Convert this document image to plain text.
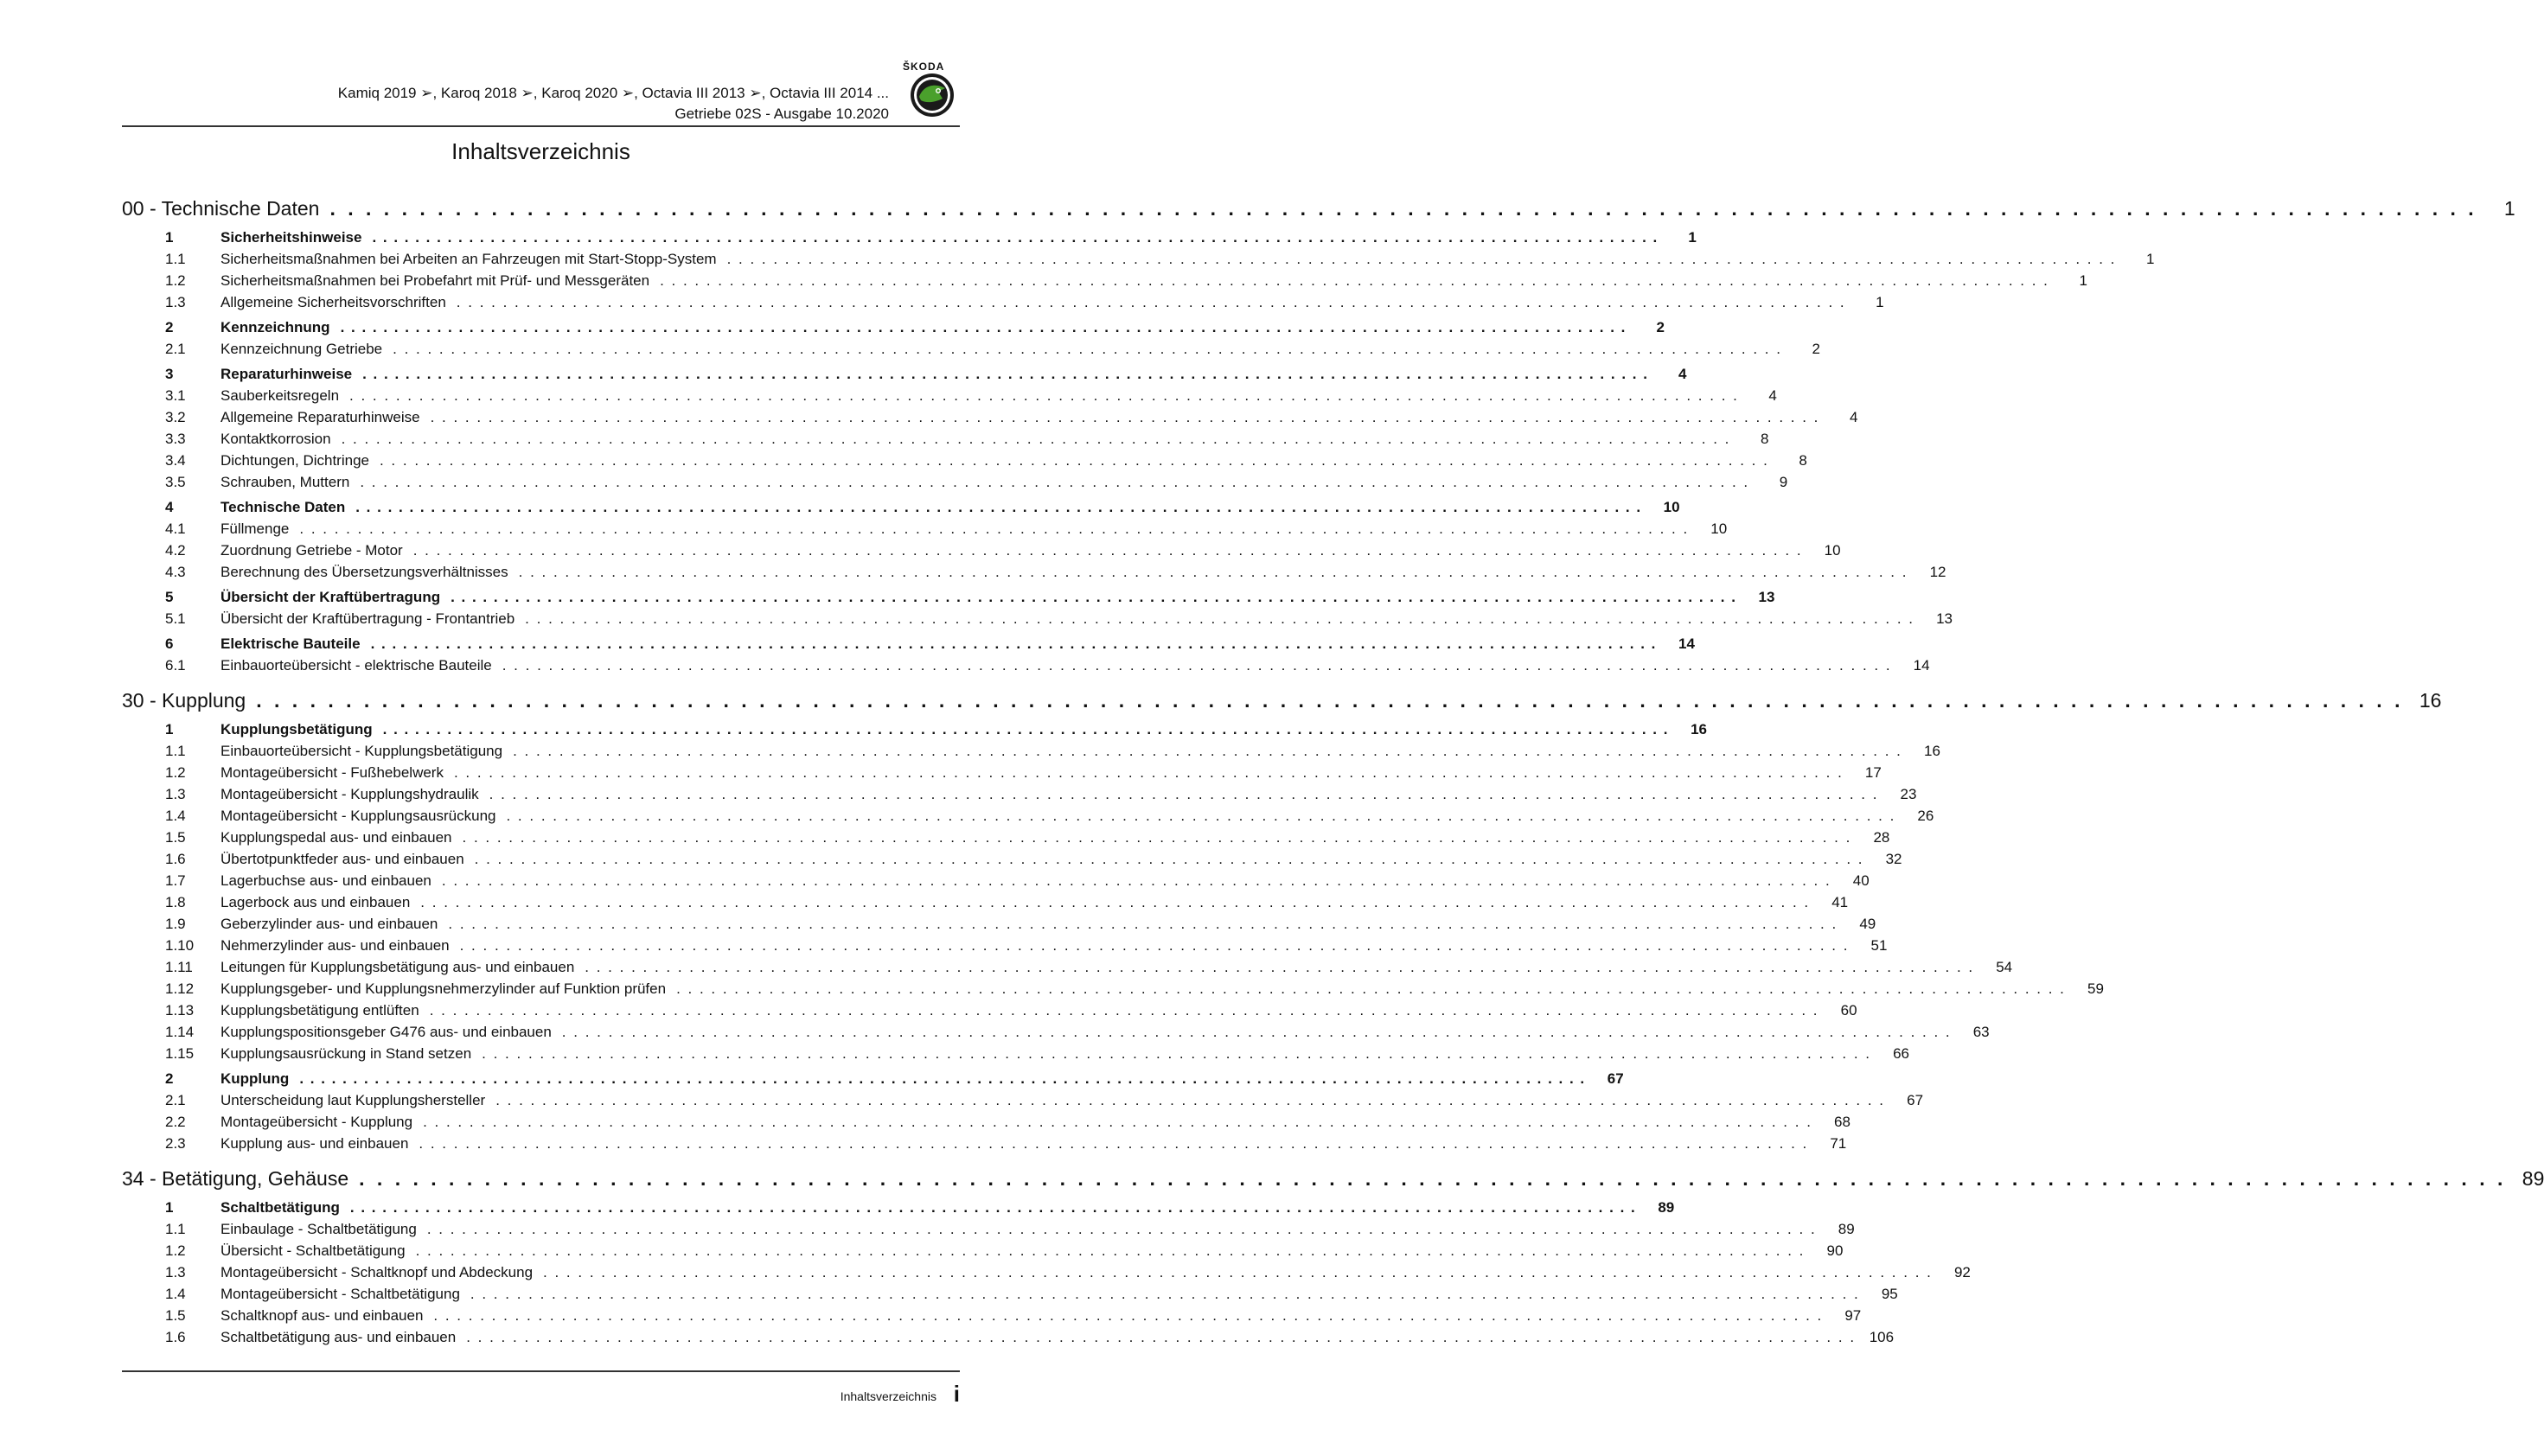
Kamiq 2019 ➢, Karoq 2018 ➢, Karoq 2020 ➢, Octavia III 2013 ➢, Octavia III 2014 ...
Getriebe 02S - Ausgabe 10.2020
ŠKODA
Inhaltsverzeichnis
00 - Technische Daten . . . . . . . . . . . . . . . . . . . . . . . . . . . . . . . . . . . . . . . . . . . . . . . . . . . . . . . . . . . . . . . . . . . . . . . . . . . . . . . . . . . . . . . . . . . . . . . . . . . . . . . . . . . . . . . . . . . . . . . .	1
1	Sicherheitshinweise . . . . . . . . . . . . . . . . . . . . . . . . . . . . . . . . . . . . . . . . . . . . . . . . . . . . . . . . . . . . . . . . . . . . . . . . . . . . . . . . . . . . . . . . . . . . . . . . . . . . . . . . . . . . . . . . . . . . . . . .	1
1.1	Sicherheitsmaßnahmen bei Arbeiten an Fahrzeugen mit Start-Stopp-System . . . . . . . . . . . . . . . . . . . . . . . . . . . . . . . . . . . . . . . . . . . . . . . . . . . . . . . . . . . . . . . . . . . . . . . . . . . . . . . . . . . . . . . . . . . . . . . . . . . . . . . . . . . . . . . . . . . . . . . .	1
1.2	Sicherheitsmaßnahmen bei Probefahrt mit Prüf- und Messgeräten . . . . . . . . . . . . . . . . . . . . . . . . . . . . . . . . . . . . . . . . . . . . . . . . . . . . . . . . . . . . . . . . . . . . . . . . . . . . . . . . . . . . . . . . . . . . . . . . . . . . . . . . . . . . . . . . . . . . . . . .	1
1.3	Allgemeine Sicherheitsvorschriften . . . . . . . . . . . . . . . . . . . . . . . . . . . . . . . . . . . . . . . . . . . . . . . . . . . . . . . . . . . . . . . . . . . . . . . . . . . . . . . . . . . . . . . . . . . . . . . . . . . . . . . . . . . . . . . . . . . . . . . .	1
2	Kennzeichnung . . . . . . . . . . . . . . . . . . . . . . . . . . . . . . . . . . . . . . . . . . . . . . . . . . . . . . . . . . . . . . . . . . . . . . . . . . . . . . . . . . . . . . . . . . . . . . . . . . . . . . . . . . . . . . . . . . . . . . . .	2
2.1	Kennzeichnung Getriebe . . . . . . . . . . . . . . . . . . . . . . . . . . . . . . . . . . . . . . . . . . . . . . . . . . . . . . . . . . . . . . . . . . . . . . . . . . . . . . . . . . . . . . . . . . . . . . . . . . . . . . . . . . . . . . . . . . . . . . . .	2
3	Reparaturhinweise . . . . . . . . . . . . . . . . . . . . . . . . . . . . . . . . . . . . . . . . . . . . . . . . . . . . . . . . . . . . . . . . . . . . . . . . . . . . . . . . . . . . . . . . . . . . . . . . . . . . . . . . . . . . . . . . . . . . . . . .	4
3.1	Sauberkeitsregeln . . . . . . . . . . . . . . . . . . . . . . . . . . . . . . . . . . . . . . . . . . . . . . . . . . . . . . . . . . . . . . . . . . . . . . . . . . . . . . . . . . . . . . . . . . . . . . . . . . . . . . . . . . . . . . . . . . . . . . . .	4
3.2	Allgemeine Reparaturhinweise . . . . . . . . . . . . . . . . . . . . . . . . . . . . . . . . . . . . . . . . . . . . . . . . . . . . . . . . . . . . . . . . . . . . . . . . . . . . . . . . . . . . . . . . . . . . . . . . . . . . . . . . . . . . . . . . . . . . . . . .	4
3.3	Kontaktkorrosion . . . . . . . . . . . . . . . . . . . . . . . . . . . . . . . . . . . . . . . . . . . . . . . . . . . . . . . . . . . . . . . . . . . . . . . . . . . . . . . . . . . . . . . . . . . . . . . . . . . . . . . . . . . . . . . . . . . . . . . .	8
3.4	Dichtungen, Dichtringe . . . . . . . . . . . . . . . . . . . . . . . . . . . . . . . . . . . . . . . . . . . . . . . . . . . . . . . . . . . . . . . . . . . . . . . . . . . . . . . . . . . . . . . . . . . . . . . . . . . . . . . . . . . . . . . . . . . . . . . .	8
3.5	Schrauben, Muttern . . . . . . . . . . . . . . . . . . . . . . . . . . . . . . . . . . . . . . . . . . . . . . . . . . . . . . . . . . . . . . . . . . . . . . . . . . . . . . . . . . . . . . . . . . . . . . . . . . . . . . . . . . . . . . . . . . . . . . . .	9
4	Technische Daten . . . . . . . . . . . . . . . . . . . . . . . . . . . . . . . . . . . . . . . . . . . . . . . . . . . . . . . . . . . . . . . . . . . . . . . . . . . . . . . . . . . . . . . . . . . . . . . . . . . . . . . . . . . . . . . . . . . . . . . .	10
4.1	Füllmenge . . . . . . . . . . . . . . . . . . . . . . . . . . . . . . . . . . . . . . . . . . . . . . . . . . . . . . . . . . . . . . . . . . . . . . . . . . . . . . . . . . . . . . . . . . . . . . . . . . . . . . . . . . . . . . . . . . . . . . . .	10
4.2	Zuordnung Getriebe - Motor . . . . . . . . . . . . . . . . . . . . . . . . . . . . . . . . . . . . . . . . . . . . . . . . . . . . . . . . . . . . . . . . . . . . . . . . . . . . . . . . . . . . . . . . . . . . . . . . . . . . . . . . . . . . . . . . . . . . . . . .	10
4.3	Berechnung des Übersetzungsverhältnisses . . . . . . . . . . . . . . . . . . . . . . . . . . . . . . . . . . . . . . . . . . . . . . . . . . . . . . . . . . . . . . . . . . . . . . . . . . . . . . . . . . . . . . . . . . . . . . . . . . . . . . . . . . . . . . . . . . . . . . . .	12
5	Übersicht der Kraftübertragung . . . . . . . . . . . . . . . . . . . . . . . . . . . . . . . . . . . . . . . . . . . . . . . . . . . . . . . . . . . . . . . . . . . . . . . . . . . . . . . . . . . . . . . . . . . . . . . . . . . . . . . . . . . . . . . . . . . . . . . .	13
5.1	Übersicht der Kraftübertragung - Frontantrieb . . . . . . . . . . . . . . . . . . . . . . . . . . . . . . . . . . . . . . . . . . . . . . . . . . . . . . . . . . . . . . . . . . . . . . . . . . . . . . . . . . . . . . . . . . . . . . . . . . . . . . . . . . . . . . . . . . . . . . . .	13
6	Elektrische Bauteile . . . . . . . . . . . . . . . . . . . . . . . . . . . . . . . . . . . . . . . . . . . . . . . . . . . . . . . . . . . . . . . . . . . . . . . . . . . . . . . . . . . . . . . . . . . . . . . . . . . . . . . . . . . . . . . . . . . . . . . .	14
6.1	Einbauorteübersicht - elektrische Bauteile . . . . . . . . . . . . . . . . . . . . . . . . . . . . . . . . . . . . . . . . . . . . . . . . . . . . . . . . . . . . . . . . . . . . . . . . . . . . . . . . . . . . . . . . . . . . . . . . . . . . . . . . . . . . . . . . . . . . . . . .	14
30 - Kupplung . . . . . . . . . . . . . . . . . . . . . . . . . . . . . . . . . . . . . . . . . . . . . . . . . . . . . . . . . . . . . . . . . . . . . . . . . . . . . . . . . . . . . . . . . . . . . . . . . . . . . . . . . . . . . . . . . . . . . . . . 16
1	Kupplungsbetätigung . . . . . . . . . . . . . . . . . . . . . . . . . . . . . . . . . . . . . . . . . . . . . . . . . . . . . . . . . . . . . . . . . . . . . . . . . . . . . . . . . . . . . . . . . . . . . . . . . . . . . . . . . . . . . . . . . . . . . . . .	16
1.1	Einbauorteübersicht - Kupplungsbetätigung . . . . . . . . . . . . . . . . . . . . . . . . . . . . . . . . . . . . . . . . . . . . . . . . . . . . . . . . . . . . . . . . . . . . . . . . . . . . . . . . . . . . . . . . . . . . . . . . . . . . . . . . . . . . . . . . . . . . . . . .	16
1.2	Montageübersicht - Fußhebelwerk . . . . . . . . . . . . . . . . . . . . . . . . . . . . . . . . . . . . . . . . . . . . . . . . . . . . . . . . . . . . . . . . . . . . . . . . . . . . . . . . . . . . . . . . . . . . . . . . . . . . . . . . . . . . . . . . . . . . . . . .	17
1.3	Montageübersicht - Kupplungshydraulik . . . . . . . . . . . . . . . . . . . . . . . . . . . . . . . . . . . . . . . . . . . . . . . . . . . . . . . . . . . . . . . . . . . . . . . . . . . . . . . . . . . . . . . . . . . . . . . . . . . . . . . . . . . . . . . . . . . . . . . .	23
1.4	Montageübersicht - Kupplungsausrückung . . . . . . . . . . . . . . . . . . . . . . . . . . . . . . . . . . . . . . . . . . . . . . . . . . . . . . . . . . . . . . . . . . . . . . . . . . . . . . . . . . . . . . . . . . . . . . . . . . . . . . . . . . . . . . . . . . . . . . . .	26
1.5	Kupplungspedal aus- und einbauen . . . . . . . . . . . . . . . . . . . . . . . . . . . . . . . . . . . . . . . . . . . . . . . . . . . . . . . . . . . . . . . . . . . . . . . . . . . . . . . . . . . . . . . . . . . . . . . . . . . . . . . . . . . . . . . . . . . . . . . .	28
1.6	Übertotpunktfeder aus- und einbauen . . . . . . . . . . . . . . . . . . . . . . . . . . . . . . . . . . . . . . . . . . . . . . . . . . . . . . . . . . . . . . . . . . . . . . . . . . . . . . . . . . . . . . . . . . . . . . . . . . . . . . . . . . . . . . . . . . . . . . . .	32
1.7	Lagerbuchse aus- und einbauen . . . . . . . . . . . . . . . . . . . . . . . . . . . . . . . . . . . . . . . . . . . . . . . . . . . . . . . . . . . . . . . . . . . . . . . . . . . . . . . . . . . . . . . . . . . . . . . . . . . . . . . . . . . . . . . . . . . . . . . .	40
1.8	Lagerbock aus und einbauen . . . . . . . . . . . . . . . . . . . . . . . . . . . . . . . . . . . . . . . . . . . . . . . . . . . . . . . . . . . . . . . . . . . . . . . . . . . . . . . . . . . . . . . . . . . . . . . . . . . . . . . . . . . . . . . . . . . . . . . .	41
1.9	Geberzylinder aus- und einbauen . . . . . . . . . . . . . . . . . . . . . . . . . . . . . . . . . . . . . . . . . . . . . . . . . . . . . . . . . . . . . . . . . . . . . . . . . . . . . . . . . . . . . . . . . . . . . . . . . . . . . . . . . . . . . . . . . . . . . . . .	49
1.10	Nehmerzylinder aus- und einbauen . . . . . . . . . . . . . . . . . . . . . . . . . . . . . . . . . . . . . . . . . . . . . . . . . . . . . . . . . . . . . . . . . . . . . . . . . . . . . . . . . . . . . . . . . . . . . . . . . . . . . . . . . . . . . . . . . . . . . . . .	51
1.11	Leitungen für Kupplungsbetätigung aus- und einbauen . . . . . . . . . . . . . . . . . . . . . . . . . . . . . . . . . . . . . . . . . . . . . . . . . . . . . . . . . . . . . . . . . . . . . . . . . . . . . . . . . . . . . . . . . . . . . . . . . . . . . . . . . . . . . . . . . . . . . . . .	54
1.12	Kupplungsgeber- und Kupplungsnehmerzylinder auf Funktion prüfen . . . . . . . . . . . . . . . . . . . . . . . . . . . . . . . . . . . . . . . . . . . . . . . . . . . . . . . . . . . . . . . . . . . . . . . . . . . . . . . . . . . . . . . . . . . . . . . . . . . . . . . . . . . . . . . . . . . . . . . .	59
1.13	Kupplungsbetätigung entlüften . . . . . . . . . . . . . . . . . . . . . . . . . . . . . . . . . . . . . . . . . . . . . . . . . . . . . . . . . . . . . . . . . . . . . . . . . . . . . . . . . . . . . . . . . . . . . . . . . . . . . . . . . . . . . . . . . . . . . . . .	60
1.14	Kupplungspositionsgeber G476 aus- und einbauen . . . . . . . . . . . . . . . . . . . . . . . . . . . . . . . . . . . . . . . . . . . . . . . . . . . . . . . . . . . . . . . . . . . . . . . . . . . . . . . . . . . . . . . . . . . . . . . . . . . . . . . . . . . . . . . . . . . . . . . .	63
1.15	Kupplungsausrückung in Stand setzen . . . . . . . . . . . . . . . . . . . . . . . . . . . . . . . . . . . . . . . . . . . . . . . . . . . . . . . . . . . . . . . . . . . . . . . . . . . . . . . . . . . . . . . . . . . . . . . . . . . . . . . . . . . . . . . . . . . . . . . .	66
2	Kupplung . . . . . . . . . . . . . . . . . . . . . . . . . . . . . . . . . . . . . . . . . . . . . . . . . . . . . . . . . . . . . . . . . . . . . . . . . . . . . . . . . . . . . . . . . . . . . . . . . . . . . . . . . . . . . . . . . . . . . . . .	67
2.1	Unterscheidung laut Kupplungshersteller . . . . . . . . . . . . . . . . . . . . . . . . . . . . . . . . . . . . . . . . . . . . . . . . . . . . . . . . . . . . . . . . . . . . . . . . . . . . . . . . . . . . . . . . . . . . . . . . . . . . . . . . . . . . . . . . . . . . . . . .	67
2.2	Montageübersicht - Kupplung . . . . . . . . . . . . . . . . . . . . . . . . . . . . . . . . . . . . . . . . . . . . . . . . . . . . . . . . . . . . . . . . . . . . . . . . . . . . . . . . . . . . . . . . . . . . . . . . . . . . . . . . . . . . . . . . . . . . . . . .	68
2.3	Kupplung aus- und einbauen . . . . . . . . . . . . . . . . . . . . . . . . . . . . . . . . . . . . . . . . . . . . . . . . . . . . . . . . . . . . . . . . . . . . . . . . . . . . . . . . . . . . . . . . . . . . . . . . . . . . . . . . . . . . . . . . . . . . . . . .	71
34 - Betätigung, Gehäuse . . . . . . . . . . . . . . . . . . . . . . . . . . . . . . . . . . . . . . . . . . . . . . . . . . . . . . . . . . . . . . . . . . . . . . . . . . . . . . . . . . . . . . . . . . . . . . . . . . . . . . . . . . . . . . . . . . . . . . . . 89
1	Schaltbetätigung . . . . . . . . . . . . . . . . . . . . . . . . . . . . . . . . . . . . . . . . . . . . . . . . . . . . . . . . . . . . . . . . . . . . . . . . . . . . . . . . . . . . . . . . . . . . . . . . . . . . . . . . . . . . . . . . . . . . . . . .	89
1.1	Einbaulage - Schaltbetätigung . . . . . . . . . . . . . . . . . . . . . . . . . . . . . . . . . . . . . . . . . . . . . . . . . . . . . . . . . . . . . . . . . . . . . . . . . . . . . . . . . . . . . . . . . . . . . . . . . . . . . . . . . . . . . . . . . . . . . . . .	89
1.2	Übersicht - Schaltbetätigung . . . . . . . . . . . . . . . . . . . . . . . . . . . . . . . . . . . . . . . . . . . . . . . . . . . . . . . . . . . . . . . . . . . . . . . . . . . . . . . . . . . . . . . . . . . . . . . . . . . . . . . . . . . . . . . . . . . . . . . .	90
1.3	Montageübersicht - Schaltknopf und Abdeckung . . . . . . . . . . . . . . . . . . . . . . . . . . . . . . . . . . . . . . . . . . . . . . . . . . . . . . . . . . . . . . . . . . . . . . . . . . . . . . . . . . . . . . . . . . . . . . . . . . . . . . . . . . . . . . . . . . . . . . . .	92
1.4	Montageübersicht - Schaltbetätigung . . . . . . . . . . . . . . . . . . . . . . . . . . . . . . . . . . . . . . . . . . . . . . . . . . . . . . . . . . . . . . . . . . . . . . . . . . . . . . . . . . . . . . . . . . . . . . . . . . . . . . . . . . . . . . . . . . . . . . . .	95
1.5	Schaltknopf aus- und einbauen . . . . . . . . . . . . . . . . . . . . . . . . . . . . . . . . . . . . . . . . . . . . . . . . . . . . . . . . . . . . . . . . . . . . . . . . . . . . . . . . . . . . . . . . . . . . . . . . . . . . . . . . . . . . . . . . . . . . . . . .	97
1.6	Schaltbetätigung aus- und einbauen . . . . . . . . . . . . . . . . . . . . . . . . . . . . . . . . . . . . . . . . . . . . . . . . . . . . . . . . . . . . . . . . . . . . . . . . . . . . . . . . . . . . . . . . . . . . . . . . . . . . . . . . . . . . . . . . . . . . . . . . 106
Inhaltsverzeichnis i
